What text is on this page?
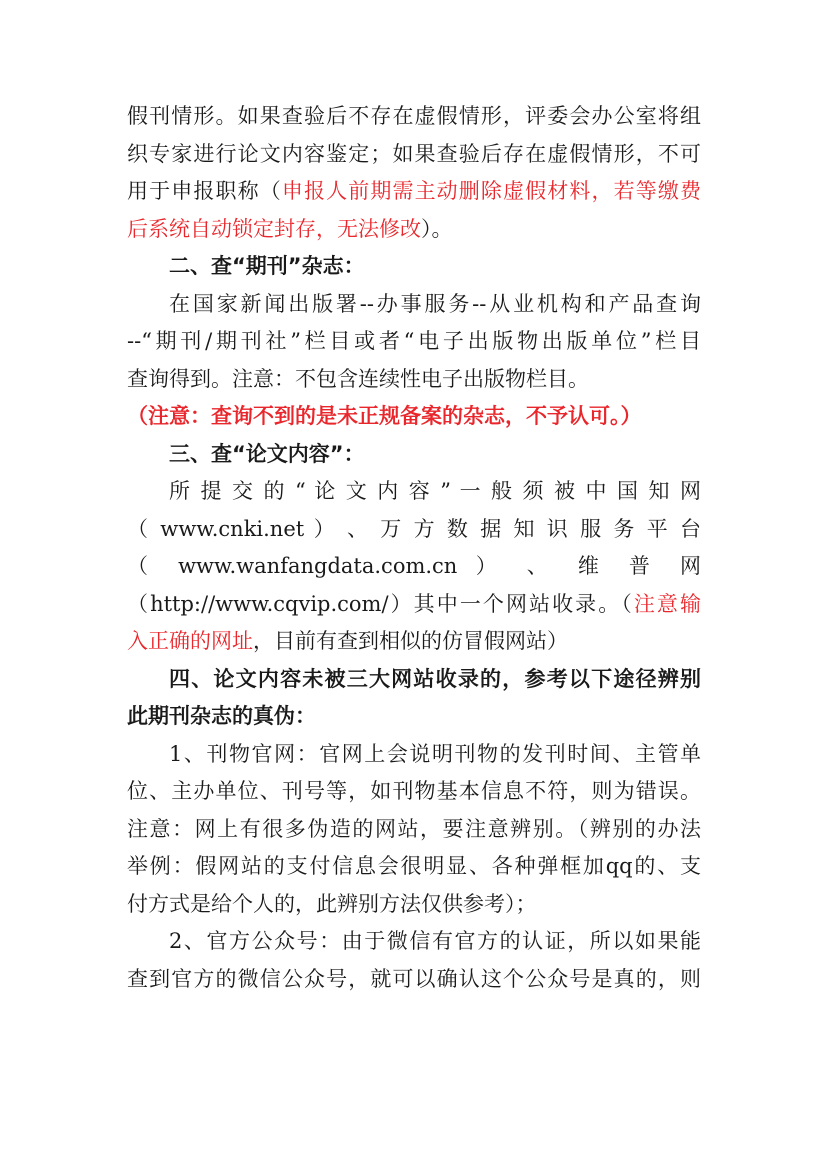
假刊情形。如果查验后不存在虚假情形，评委会办公室将组
织专家进行论文内容鉴定；如果查验后存在虚假情形，不可
用于申报职称（申报人前期需主动删除虚假材料，若等缴费
后系统自动锁定封存，无法修改）。

二、查“期刊”杂志：

在国家新闻出版署--办事服务--从业机构和产品查询
--“期刊/期刊社”栏目或者“电子出版物出版单位”栏目
查询得到。注意：不包含连续性电子出版物栏目。

（注意：查询不到的是未正规备案的杂志，不予认可。）

三、查“论文内容”：

所 提 交 的 “ 论 文 内 容 ” 一 般 须 被 中 国 知 网
（ www.cnki.net ） 、 万 方 数 据 知 识 服 务 平 台
（ www.wanfangdata.com.cn ） 、 维 普 网
（http://www.cqvip.com/）其中一个网站收录。（注意输
入正确的网址，目前有查到相似的仿冒假网站）

四、论文内容未被三大网站收录的，参考以下途径辨别
此期刊杂志的真伪：

1、刊物官网：官网上会说明刊物的发刊时间、主管单
位、主办单位、刊号等，如刊物基本信息不符，则为错误。
注意：网上有很多伪造的网站，要注意辨别。（辨别的办法
举例：假网站的支付信息会很明显、各种弹框加qq的、支
付方式是给个人的，此辨别方法仅供参考）；

2、官方公众号：由于微信有官方的认证，所以如果能
查到官方的微信公众号，就可以确认这个公众号是真的，则
